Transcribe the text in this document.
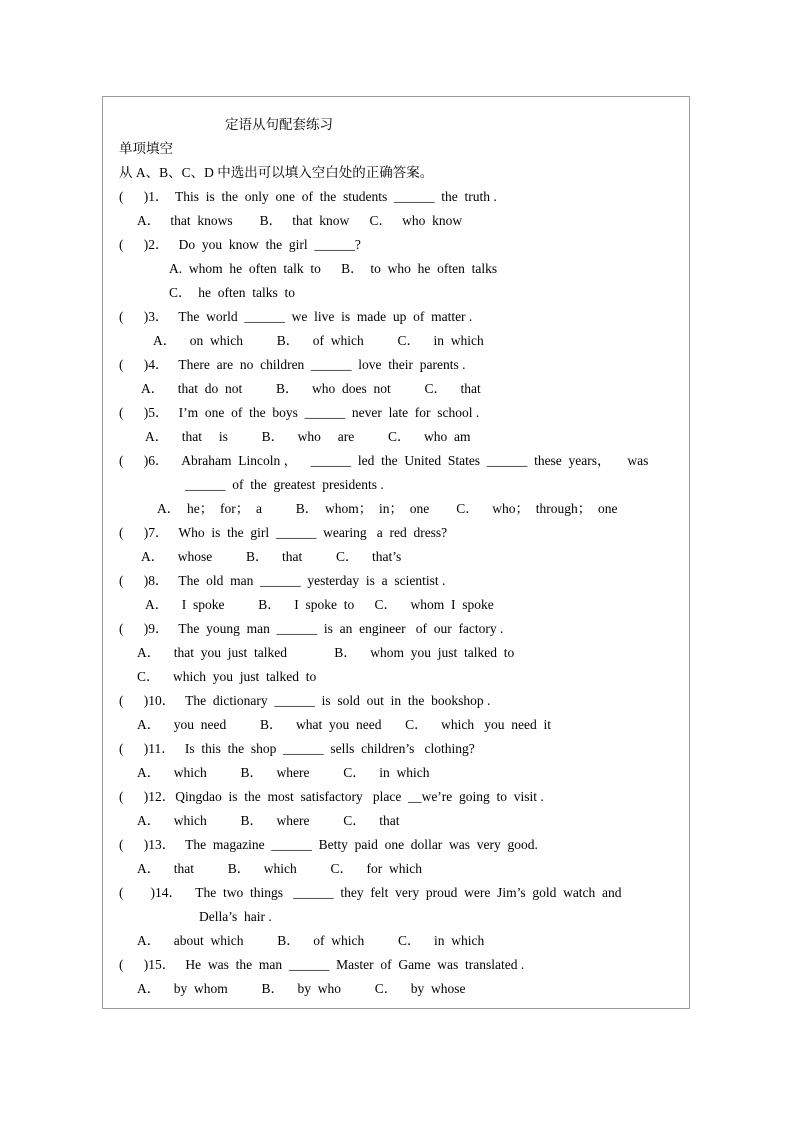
定语从句配套练习
单项填空
从 A、B、C、D 中选出可以填入空白处的正确答案。
(      )1．  This  is  the  only  one  of  the  students  ______  the  truth .
A．   that  knows        B．   that  know      C．   who  know
(      )2．   Do  you  know  the  girl  ______?
A.  whom  he  often  talk  to      B．  to  who  he  often  talks
C．  he  often  talks  to
(      )3．   The  world  ______  we  live  is  made  up  of  matter .
A．    on  which          B．    of  which          C．    in  which
(      )4．   There  are  no  children  ______  love  their  parents .
A．    that  do  not          B．    who  does  not          C．    that
(      )5．   I’m  one  of  the  boys  ______  never  late  for  school .
A．    that     is          B．    who     are          C．    who  am
(      )6．    Abraham  Lincoln ，    ______  led  the  United  States  ______  these  years，     was
______  of  the  greatest  presidents .
A．  he；  for；  a          B．  whom；  in；  one        C．    who；  through；  one
(      )7．   Who  is  the  girl  ______  wearing   a  red  dress?
A．    whose          B．    that          C．    that’s
(      )8．   The  old  man  ______  yesterday  is  a  scientist .
A．    I  spoke          B．    I  spoke  to      C．    whom  I  spoke
(      )9．   The  young  man  ______  is  an  engineer   of  our  factory .
A．    that  you  just  talked              B．    whom  you  just  talked  to
C．    which  you  just  talked  to
(      )10．   The  dictionary  ______  is  sold  out  in  the  bookshop .
A．    you  need          B．    what  you  need       C．    which   you  need  it
(      )11．   Is  this  the  shop  ______  sells  children’s   clothing?
A．    which          B．    where          C．    in  which
(      )12．Qingdao  is  the  most  satisfactory   place  __we’re  going  to  visit .
A．    which          B．    where          C．    that
(      )13．   The  magazine  ______  Betty  paid  one  dollar  was  very  good.
A．    that          B．    which          C．    for  which
(        )14．    The  two  things   ______  they  felt  very  proud  were  Jim’s  gold  watch  and
Della’s  hair .
A．    about  which          B．    of  which          C．    in  which
(      )15．   He  was  the  man  ______  Master  of  Game  was  translated .
A．    by  whom          B．    by  who          C．    by  whose
